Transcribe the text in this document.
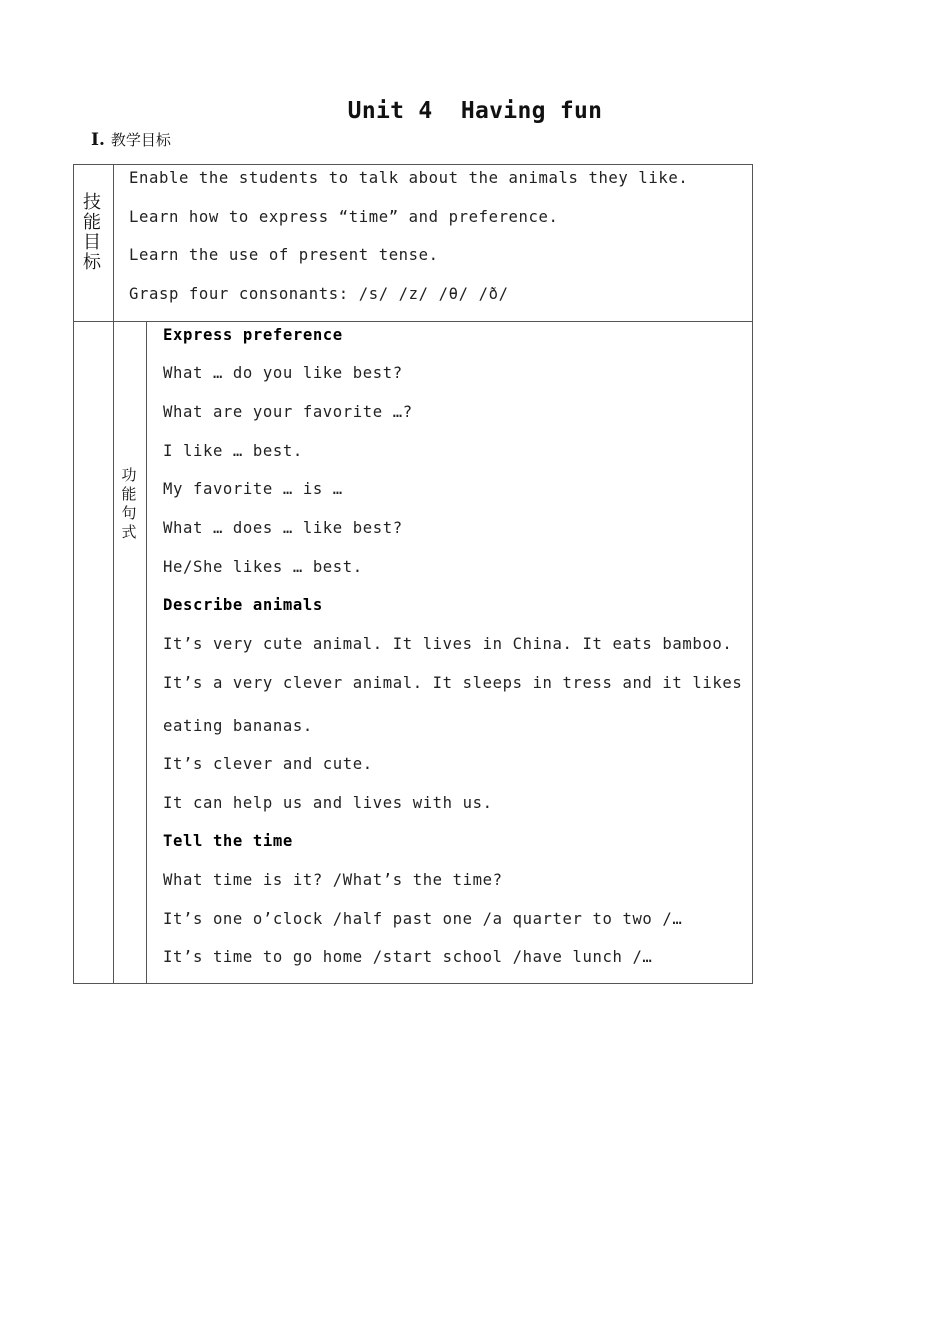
Unit 4  Having fun
I. 教学目标
技
能
目
标
Enable the students to talk about the animals they like.
Learn how to express “time” and preference.
Learn the use of present tense.
Grasp four consonants: /s/ /z/ /θ/ /ð/
功
能
句
式
Express preference
What … do you like best?
What are your favorite …?
I like … best.
My favorite … is …
What … does … like best?
He/She likes … best.
Describe animals
It’s very cute animal. It lives in China. It eats bamboo.
It’s a very clever animal. It sleeps in tress and it likes
eating bananas.
It’s clever and cute.
It can help us and lives with us.
Tell the time
What time is it? /What’s the time?
It’s one o’clock /half past one /a quarter to two /…
It’s time to go home /start school /have lunch /…
